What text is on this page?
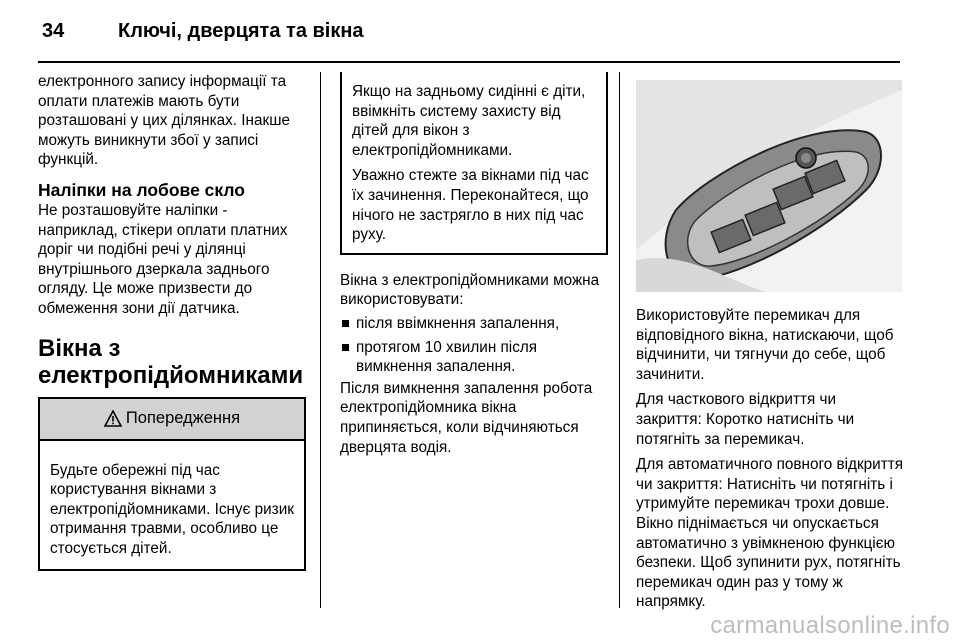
34	Ключі, дверцята та вікна

електронного запису інформації та оплати платежів мають бути розташовані у цих ділянках. Інакше можуть виникнути збої у записі функцій.

Наліпки на лобове скло

Не розташовуйте наліпки - наприклад, стікери оплати платних доріг чи подібні речі у ділянці внутрішнього дзеркала заднього огляду. Це може призвести до обмеження зони дії датчика.

Вікна з електропідйомниками

Попередження
Будьте обережні під час користування вікнами з електропідйомниками. Існує ризик отримання травми, особливо це стосується дітей.

Якщо на задньому сидінні є діти, ввімкніть систему захисту від дітей для вікон з електропідйомниками.

Уважно стежте за вікнами під час їх зачинення. Переконайтеся, що нічого не застрягло в них під час руху.

Вікна з електропідйомниками можна використовувати:

після ввімкнення запалення,
протягом 10 хвилин після вимкнення запалення.

Після вимкнення запалення робота електропідйомника вікна припиняється, коли відчиняються дверцята водія.

Використовуйте перемикач для відповідного вікна, натискаючи, щоб відчинити, чи тягнучи до себе, щоб зачинити.

Для часткового відкриття чи закриття: Коротко натисніть чи потягніть за перемикач.

Для автоматичного повного відкриття чи закриття: Натисніть чи потягніть і утримуйте перемикач трохи довше. Вікно піднімається чи опускається автоматично з увімкненою функцією безпеки. Щоб зупинити рух, потягніть перемикач один раз у тому ж напрямку.

carmanualsonline.info
